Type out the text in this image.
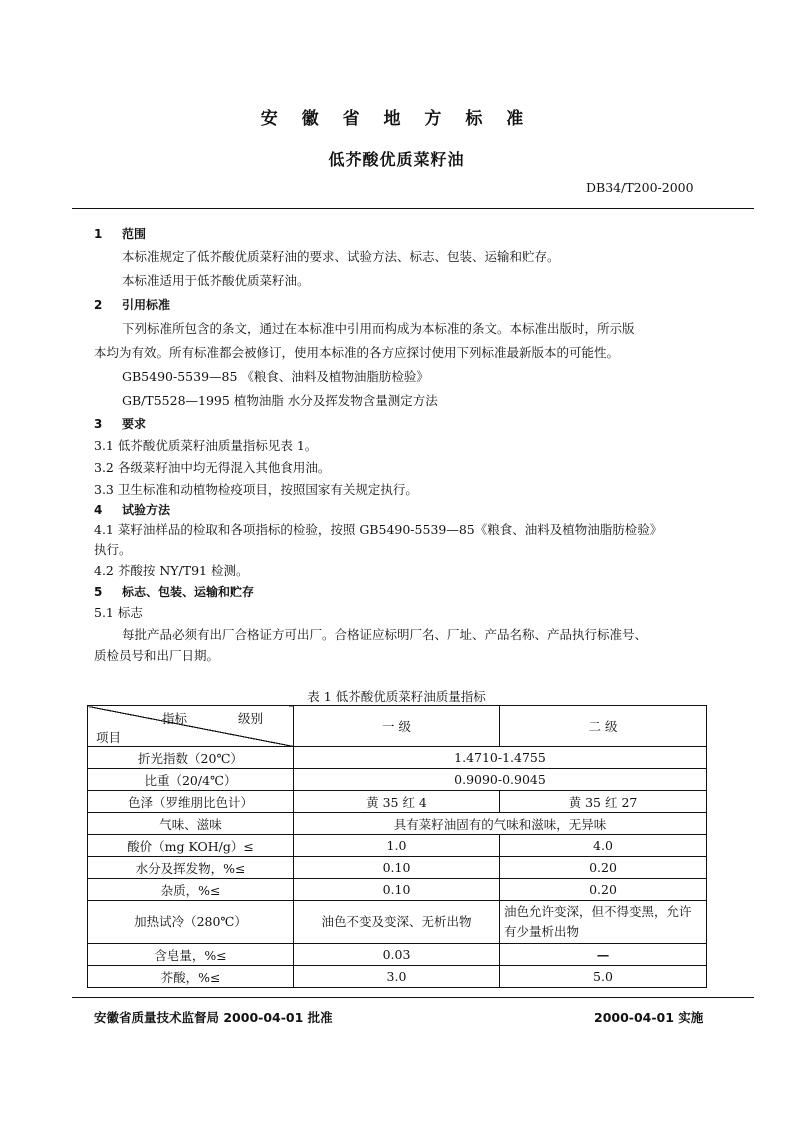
安 徽 省 地 方 标 准
低芥酸优质菜籽油
DB34/T200-2000
1 范围
本标准规定了低芥酸优质菜籽油的要求、试验方法、标志、包装、运输和贮存。
本标准适用于低芥酸优质菜籽油。
2 引用标准
下列标准所包含的条文，通过在本标准中引用而构成为本标准的条文。本标准出版时，所示版
本均为有效。所有标准都会被修订，使用本标准的各方应探讨使用下列标准最新版本的可能性。
GB5490-5539—85 《粮食、油料及植物油脂肪检验》
GB/T5528—1995 植物油脂 水分及挥发物含量测定方法
3 要求
3.1 低芥酸优质菜籽油质量指标见表 1。
3.2 各级菜籽油中均无得混入其他食用油。
3.3 卫生标准和动植物检疫项目，按照国家有关规定执行。
4 试验方法
4.1 菜籽油样品的检取和各项指标的检验，按照 GB5490-5539—85《粮食、油料及植物油脂肪检验》
执行。
4.2 芥酸按 NY/T91 检测。
5 标志、包装、运输和贮存
5.1 标志
每批产品必须有出厂合格证方可出厂。合格证应标明厂名、厂址、产品名称、产品执行标准号、
质检员号和出厂日期。
表 1 低芥酸优质菜籽油质量指标
指标 级别
项目	一 级	二 级
折光指数（20℃）	1.4710-1.4755	
比重（20/4℃）	0.9090-0.9045	
色泽（罗维朋比色计）	黄 35 红 4	黄 35 红 27
气味、滋味	具有菜籽油固有的气味和滋味，无异味	
酸价（mg KOH/g）≤	1.0	4.0
水分及挥发物，%≤	0.10	0.20
杂质，%≤	0.10	0.20
加热试冷（280℃）	油色不变及变深、无析出物	油色允许变深，但不得变黑，允许有少量析出物
含皂量，%≤	0.03	—
芥酸，%≤	3.0	5.0
安徽省质量技术监督局 2000-04-01 批准	2000-04-01 实施
